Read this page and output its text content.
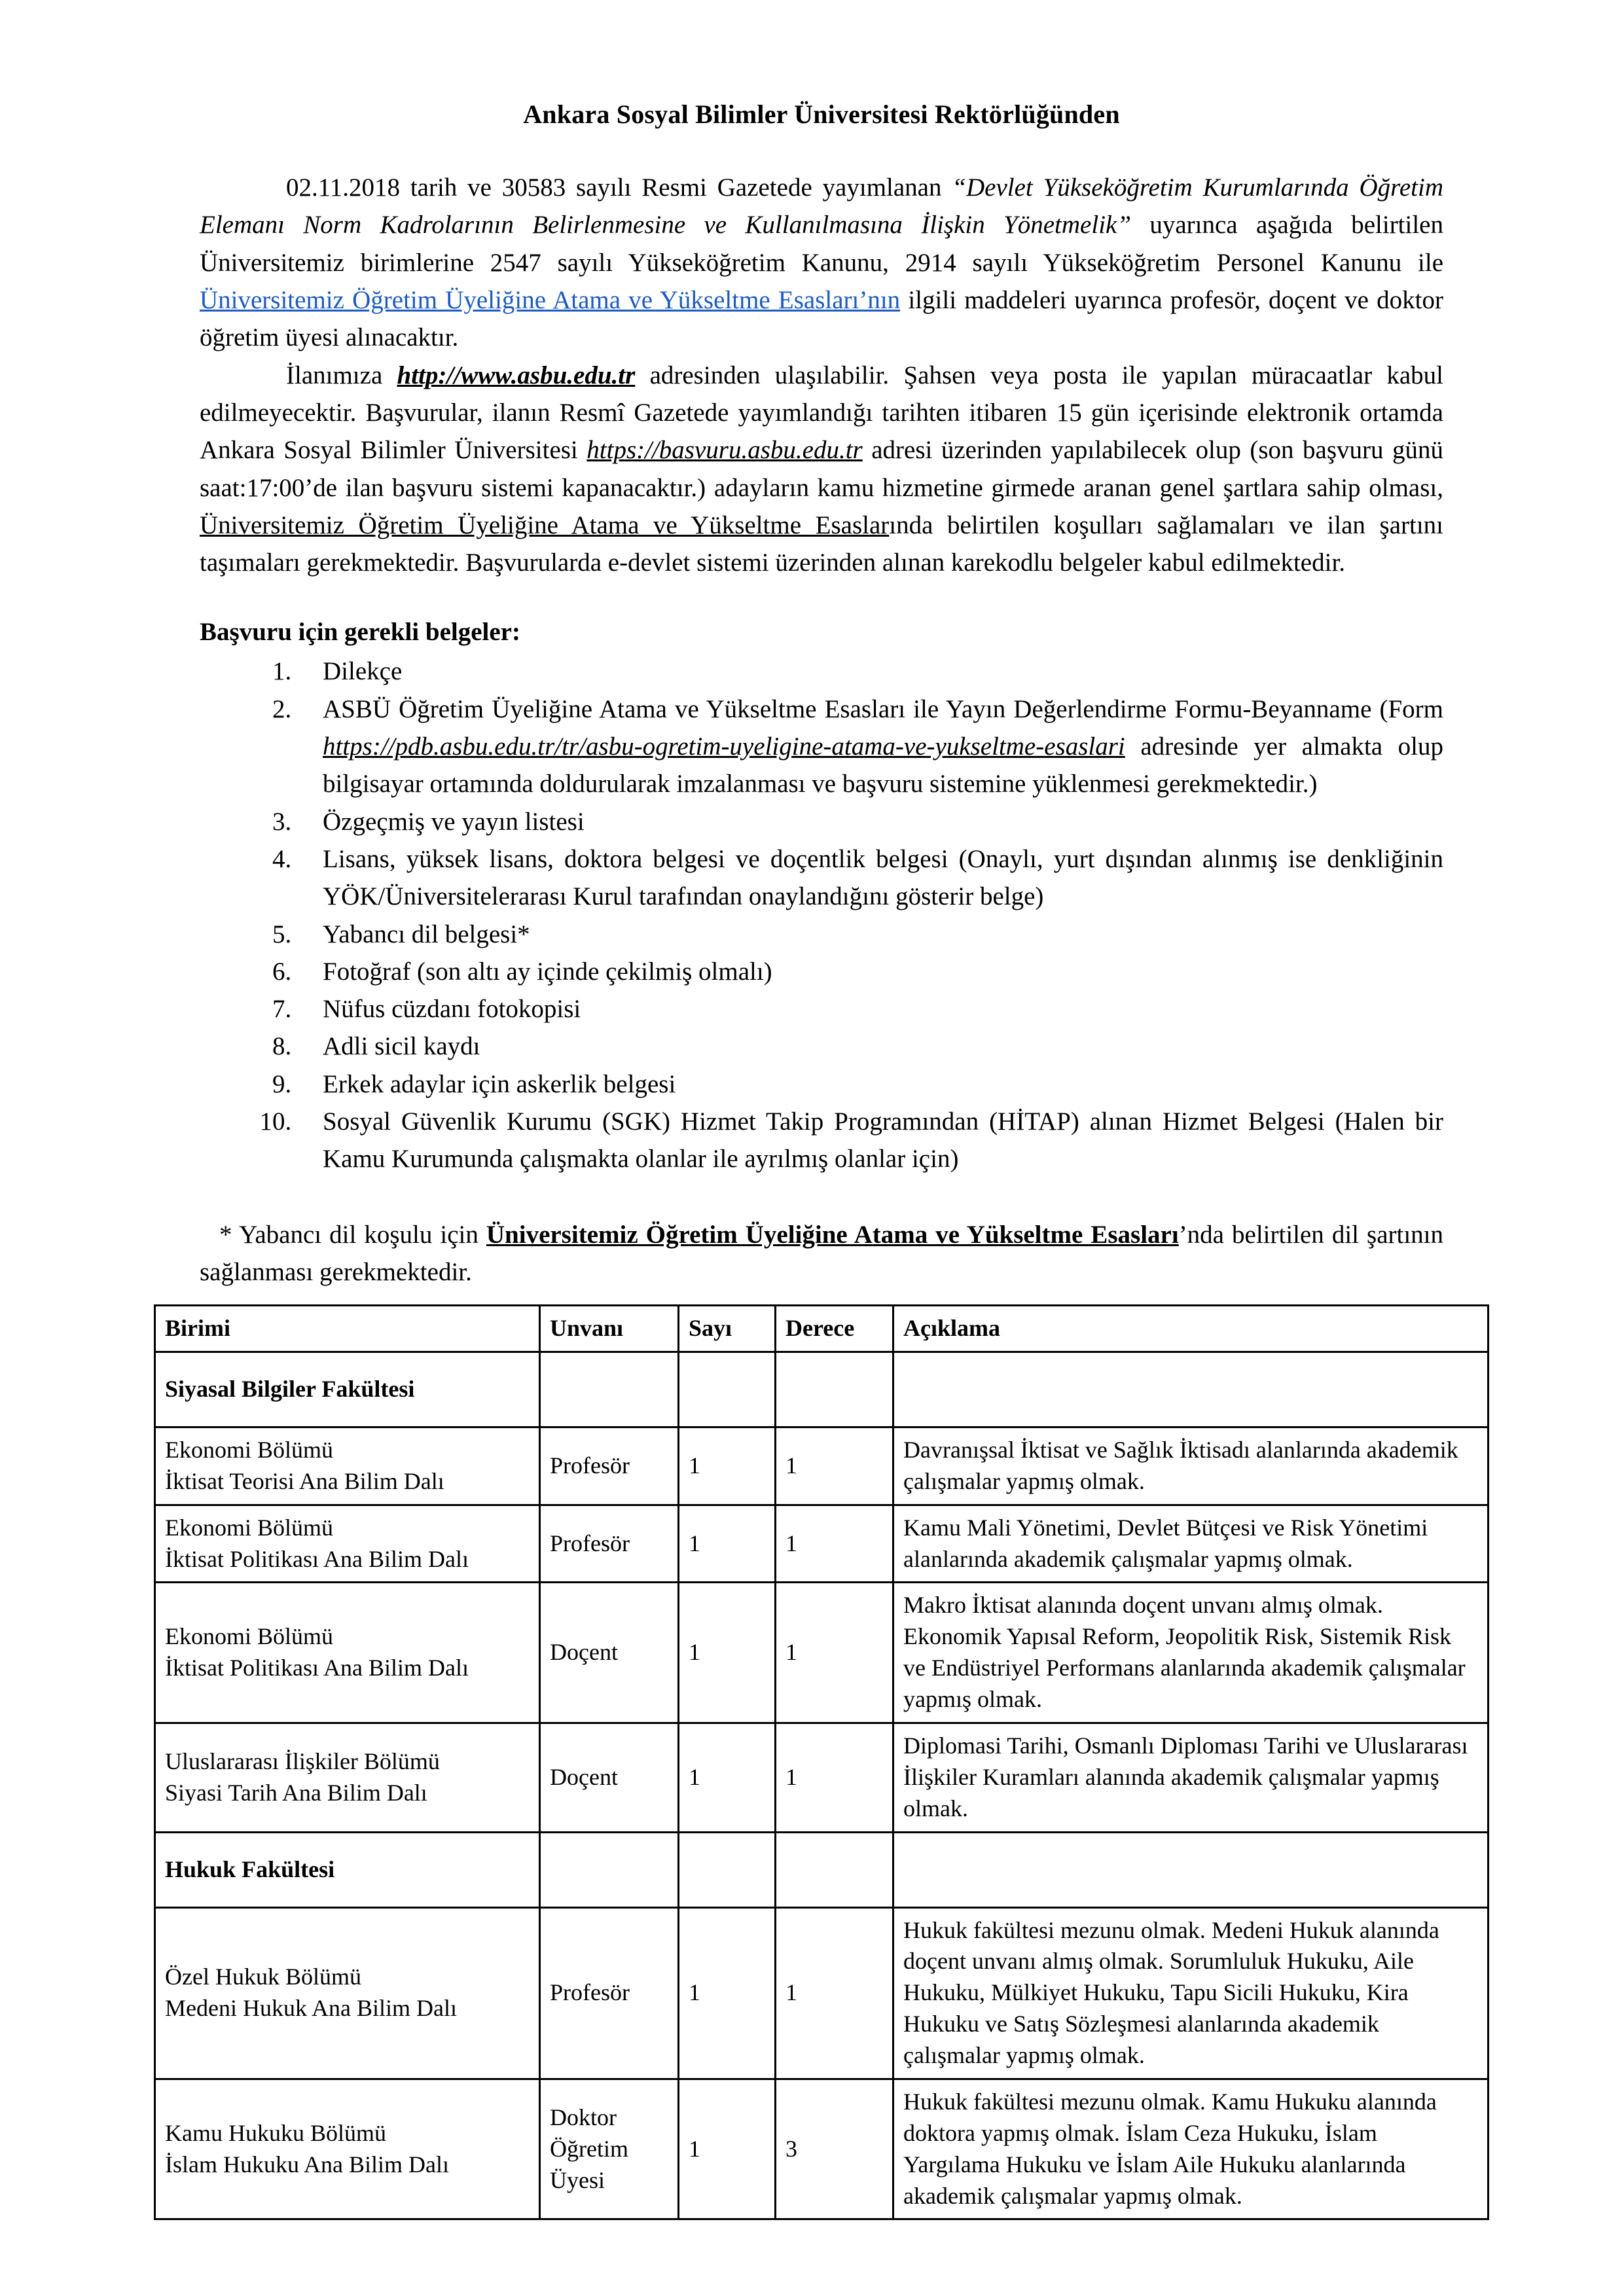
Ankara Sosyal Bilimler Üniversitesi Rektörlüğünden

02.11.2018 tarih ve 30583 sayılı Resmi Gazetede yayımlanan “Devlet Yükseköğretim Kurumlarında Öğretim Elemanı Norm Kadrolarının Belirlenmesine ve Kullanılmasına İlişkin Yönetmelik” uyarınca aşağıda belirtilen Üniversitemiz birimlerine 2547 sayılı Yükseköğretim Kanunu, 2914 sayılı Yükseköğretim Personel Kanunu ile Üniversitemiz Öğretim Üyeliğine Atama ve Yükseltme Esasları’nın ilgili maddeleri uyarınca profesör, doçent ve doktor öğretim üyesi alınacaktır.

İlanımıza http://www.asbu.edu.tr adresinden ulaşılabilir. Şahsen veya posta ile yapılan müracaatlar kabul edilmeyecektir. Başvurular, ilanın Resmî Gazetede yayımlandığı tarihten itibaren 15 gün içerisinde elektronik ortamda Ankara Sosyal Bilimler Üniversitesi https://basvuru.asbu.edu.tr adresi üzerinden yapılabilecek olup (son başvuru günü saat:17:00’de ilan başvuru sistemi kapanacaktır.) adayların kamu hizmetine girmede aranan genel şartlara sahip olması, Üniversitemiz Öğretim Üyeliğine Atama ve Yükseltme Esaslarında belirtilen koşulları sağlamaları ve ilan şartını taşımaları gerekmektedir. Başvurularda e-devlet sistemi üzerinden alınan karekodlu belgeler kabul edilmektedir.

Başvuru için gerekli belgeler:
1. Dilekçe
2. ASBÜ Öğretim Üyeliğine Atama ve Yükseltme Esasları ile Yayın Değerlendirme Formu-Beyanname (Form https://pdb.asbu.edu.tr/tr/asbu-ogretim-uyeligine-atama-ve-yukseltme-esaslari adresinde yer almakta olup bilgisayar ortamında doldurularak imzalanması ve başvuru sistemine yüklenmesi gerekmektedir.)
3. Özgeçmiş ve yayın listesi
4. Lisans, yüksek lisans, doktora belgesi ve doçentlik belgesi (Onaylı, yurt dışından alınmış ise denkliğinin YÖK/Üniversitelerarası Kurul tarafından onaylandığını gösterir belge)
5. Yabancı dil belgesi*
6. Fotoğraf (son altı ay içinde çekilmiş olmalı)
7. Nüfus cüzdanı fotokopisi
8. Adli sicil kaydı
9. Erkek adaylar için askerlik belgesi
10. Sosyal Güvenlik Kurumu (SGK) Hizmet Takip Programından (HİTAP) alınan Hizmet Belgesi (Halen bir Kamu Kurumunda çalışmakta olanlar ile ayrılmış olanlar için)

* Yabancı dil koşulu için Üniversitemiz Öğretim Üyeliğine Atama ve Yükseltme Esasları’nda belirtilen dil şartının sağlanması gerekmektedir.

Birimi	Unvanı	Sayı	Derece	Açıklama
Siyasal Bilgiler Fakültesi				

Ekonomi Bölümü
İktisat Teorisi Ana Bilim Dalı	Profesör	1	1	Davranışsal İktisat ve Sağlık İktisadı alanlarında akademik çalışmalar yapmış olmak.

Ekonomi Bölümü
İktisat Politikası Ana Bilim Dalı	Profesör	1	1	Kamu Mali Yönetimi, Devlet Bütçesi ve Risk Yönetimi alanlarında akademik çalışmalar yapmış olmak.

Ekonomi Bölümü
İktisat Politikası Ana Bilim Dalı	Doçent	1	1	Makro İktisat alanında doçent unvanı almış olmak. Ekonomik Yapısal Reform, Jeopolitik Risk, Sistemik Risk ve Endüstriyel Performans alanlarında akademik çalışmalar yapmış olmak.

Uluslararası İlişkiler Bölümü
Siyasi Tarih Ana Bilim Dalı	Doçent	1	1	Diplomasi Tarihi, Osmanlı Diploması Tarihi ve Uluslararası İlişkiler Kuramları alanında akademik çalışmalar yapmış olmak.
Hukuk Fakültesi				

Özel Hukuk Bölümü
Medeni Hukuk Ana Bilim Dalı	Profesör	1	1	Hukuk fakültesi mezunu olmak. Medeni Hukuk alanında doçent unvanı almış olmak. Sorumluluk Hukuku, Aile Hukuku, Mülkiyet Hukuku, Tapu Sicili Hukuku, Kira Hukuku ve Satış Sözleşmesi alanlarında akademik çalışmalar yapmış olmak.

Kamu Hukuku Bölümü
İslam Hukuku Ana Bilim Dalı	Doktor
Öğretim
Üyesi	1	3	Hukuk fakültesi mezunu olmak. Kamu Hukuku alanında doktora yapmış olmak. İslam Ceza Hukuku, İslam Yargılama Hukuku ve İslam Aile Hukuku alanlarında akademik çalışmalar yapmış olmak.
